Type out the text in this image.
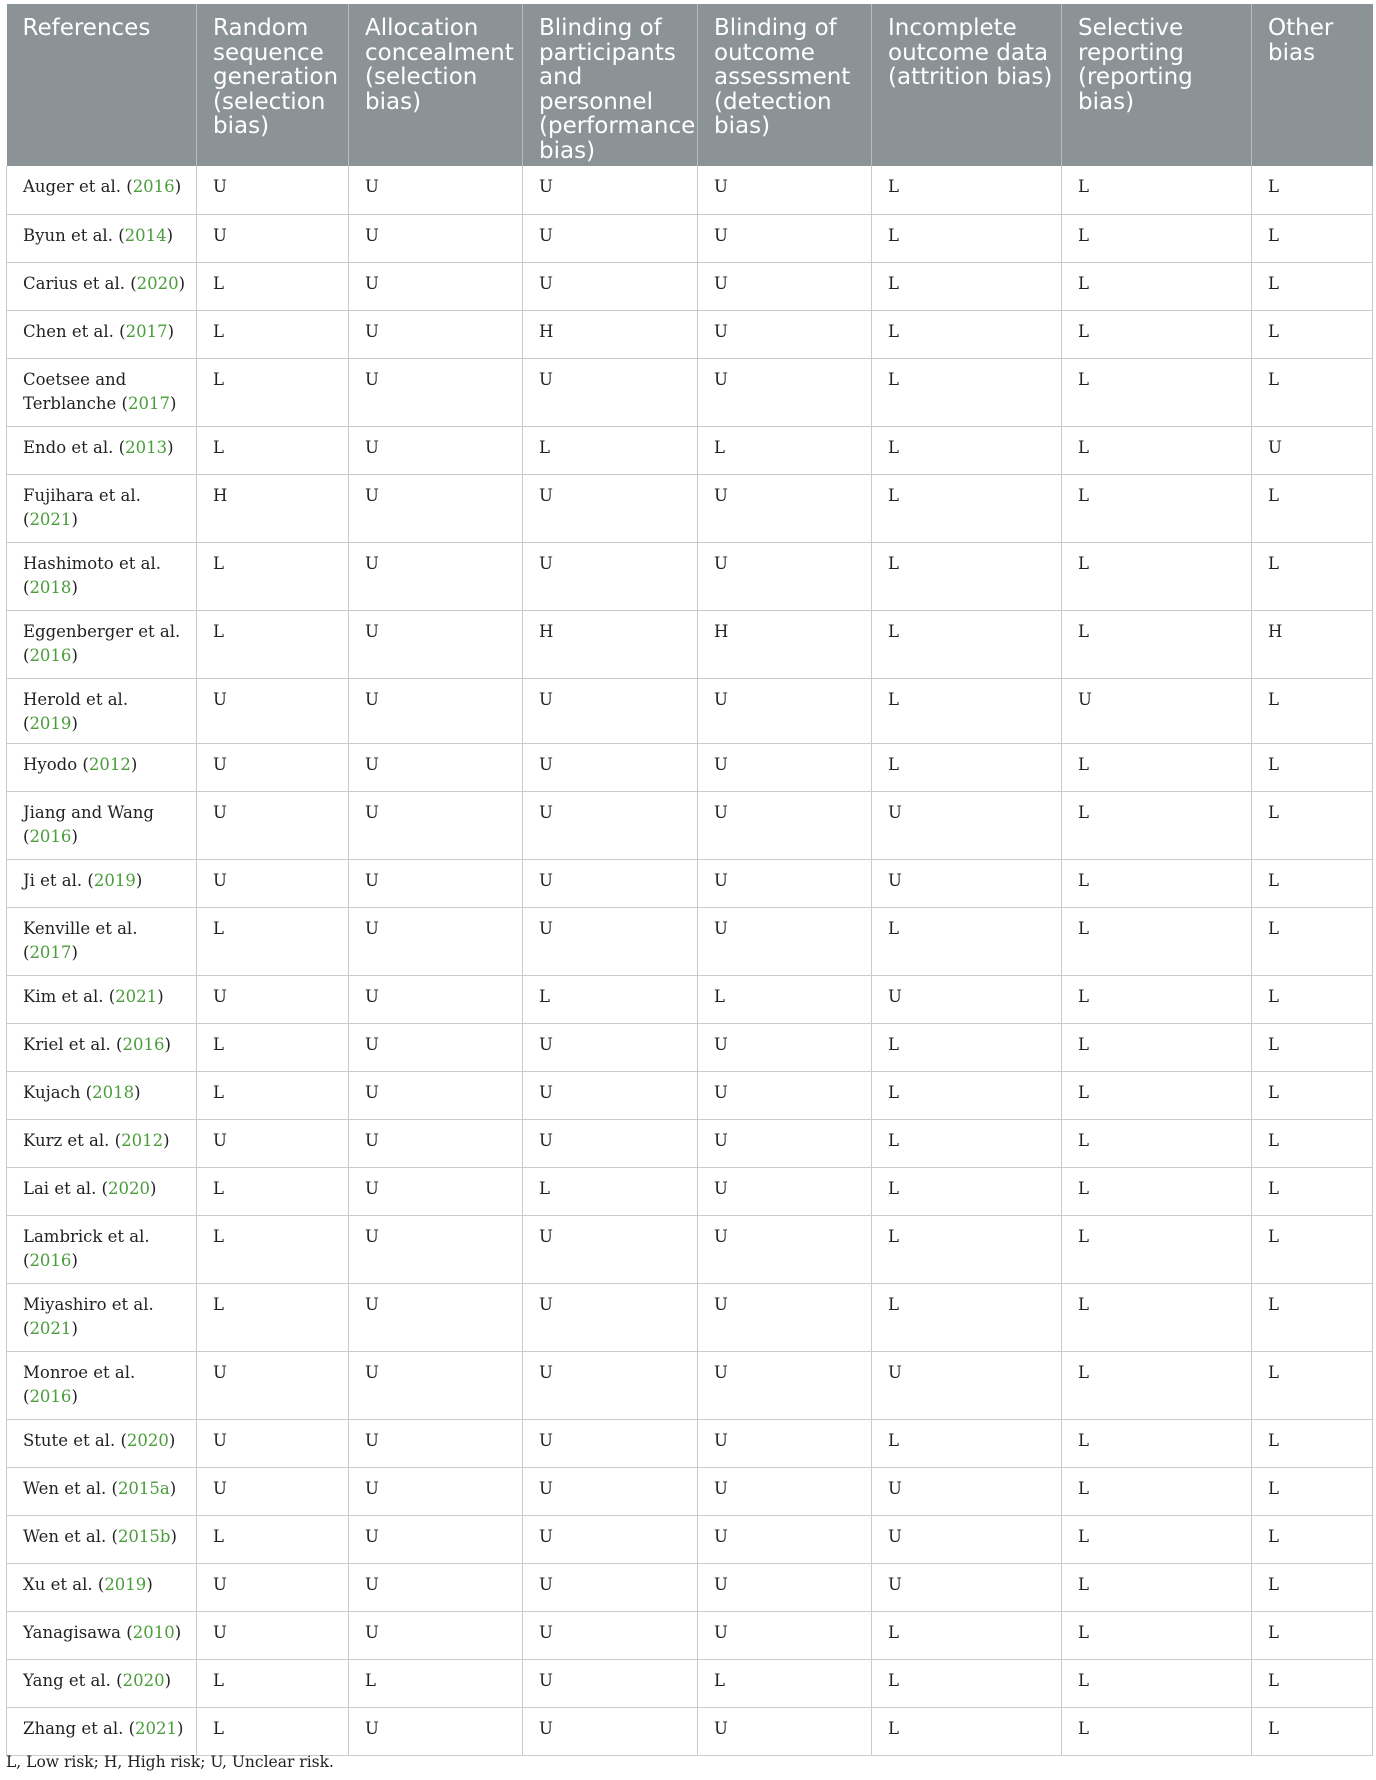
References	Random sequence generation (selection bias)	Allocation concealment (selection bias)	Blinding of participants and personnel (performance bias)	Blinding of outcome assessment (detection bias)	Incomplete outcome data (attrition bias)	Selective reporting (reporting bias)	Other bias
Auger et al. (2016)	U	U	U	U	L	L	L
Byun et al. (2014)	U	U	U	U	L	L	L
Carius et al. (2020)	L	U	U	U	L	L	L
Chen et al. (2017)	L	U	H	U	L	L	L
Coetsee and Terblanche (2017)	L	U	U	U	L	L	L
Endo et al. (2013)	L	U	L	L	L	L	U
Fujihara et al. (2021)	H	U	U	U	L	L	L
Hashimoto et al. (2018)	L	U	U	U	L	L	L
Eggenberger et al. (2016)	L	U	H	H	L	L	H
Herold et al. (2019)	U	U	U	U	L	U	L
Hyodo (2012)	U	U	U	U	L	L	L
Jiang and Wang (2016)	U	U	U	U	U	L	L
Ji et al. (2019)	U	U	U	U	U	L	L
Kenville et al. (2017)	L	U	U	U	L	L	L
Kim et al. (2021)	U	U	L	L	U	L	L
Kriel et al. (2016)	L	U	U	U	L	L	L
Kujach (2018)	L	U	U	U	L	L	L
Kurz et al. (2012)	U	U	U	U	L	L	L
Lai et al. (2020)	L	U	L	U	L	L	L
Lambrick et al. (2016)	L	U	U	U	L	L	L
Miyashiro et al. (2021)	L	U	U	U	L	L	L
Monroe et al. (2016)	U	U	U	U	U	L	L
Stute et al. (2020)	U	U	U	U	L	L	L
Wen et al. (2015a)	U	U	U	U	U	L	L
Wen et al. (2015b)	L	U	U	U	U	L	L
Xu et al. (2019)	U	U	U	U	U	L	L
Yanagisawa (2010)	U	U	U	U	L	L	L
Yang et al. (2020)	L	L	U	L	L	L	L
Zhang et al. (2021)	L	U	U	U	L	L	L
L, Low risk; H, High risk; U, Unclear risk.
